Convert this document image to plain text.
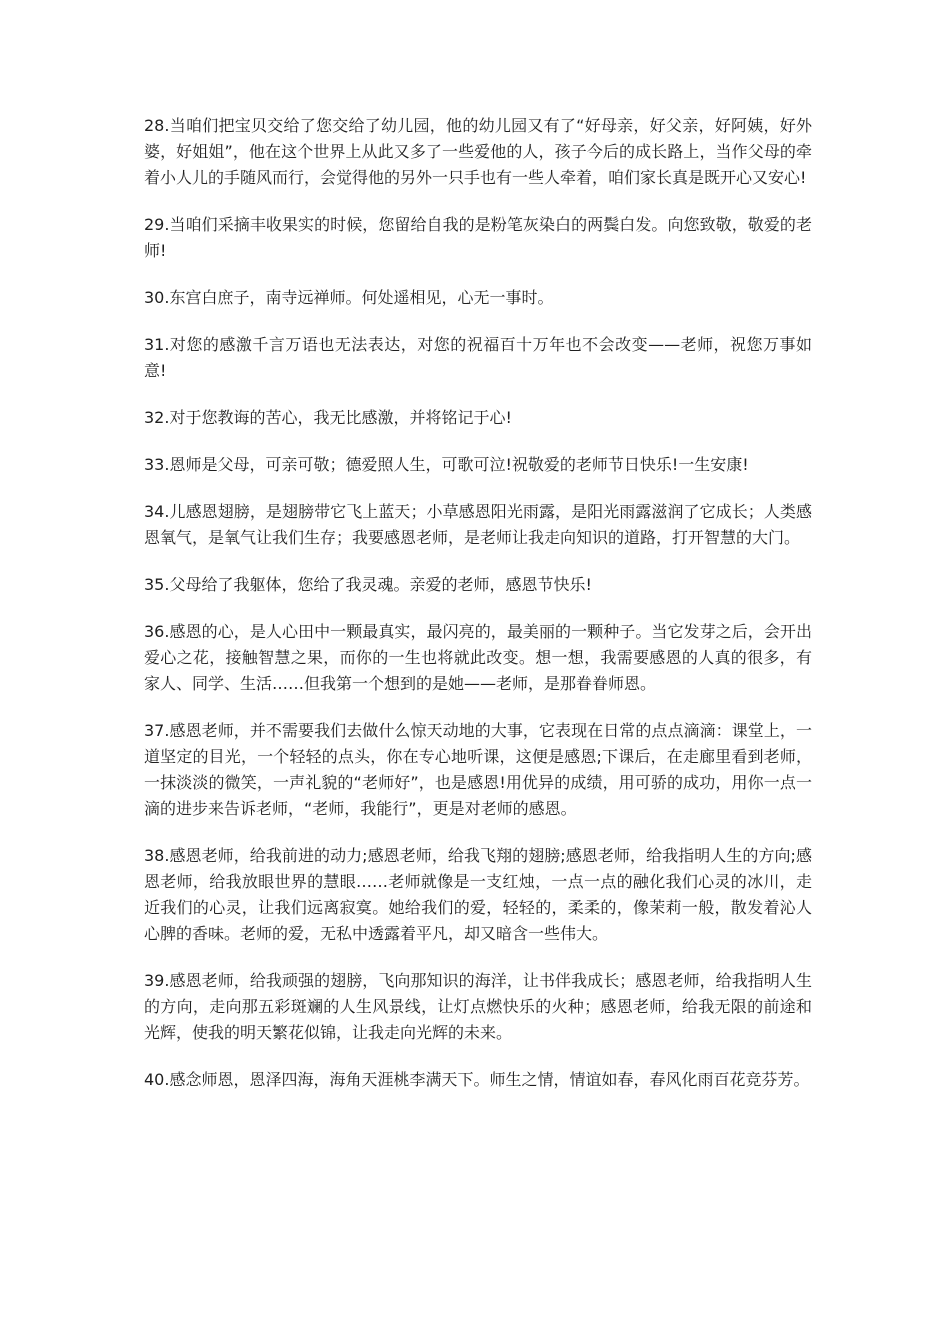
28.当咱们把宝贝交给了您交给了幼儿园，他的幼儿园又有了“好母亲，好父亲，好阿姨，好外婆，好姐姐”，他在这个世界上从此又多了一些爱他的人，孩子今后的成长路上，当作父母的牵着小人儿的手随风而行，会觉得他的另外一只手也有一些人牵着，咱们家长真是既开心又安心!

29.当咱们采摘丰收果实的时候，您留给自我的是粉笔灰染白的两鬓白发。向您致敬，敬爱的老师!

30.东宫白庶子，南寺远禅师。何处遥相见，心无一事时。

31.对您的感激千言万语也无法表达，对您的祝福百十万年也不会改变——老师，祝您万事如意!

32.对于您教诲的苦心，我无比感激，并将铭记于心!

33.恩师是父母，可亲可敬；德爱照人生，可歌可泣!祝敬爱的老师节日快乐!一生安康!

34.儿感恩翅膀，是翅膀带它飞上蓝天；小草感恩阳光雨露，是阳光雨露滋润了它成长；人类感恩氧气，是氧气让我们生存；我要感恩老师，是老师让我走向知识的道路，打开智慧的大门。

35.父母给了我躯体，您给了我灵魂。亲爱的老师，感恩节快乐!

36.感恩的心，是人心田中一颗最真实，最闪亮的，最美丽的一颗种子。当它发芽之后，会开出爱心之花，接触智慧之果，而你的一生也将就此改变。想一想，我需要感恩的人真的很多，有家人、同学、生活……但我第一个想到的是她——老师，是那眷眷师恩。

37.感恩老师，并不需要我们去做什么惊天动地的大事，它表现在日常的点点滴滴：课堂上，一道坚定的目光，一个轻轻的点头，你在专心地听课，这便是感恩;下课后，在走廊里看到老师，一抹淡淡的微笑，一声礼貌的“老师好”，也是感恩!用优异的成绩，用可骄的成功，用你一点一滴的进步来告诉老师，“老师，我能行”，更是对老师的感恩。

38.感恩老师，给我前进的动力;感恩老师，给我飞翔的翅膀;感恩老师，给我指明人生的方向;感恩老师，给我放眼世界的慧眼……老师就像是一支红烛，一点一点的融化我们心灵的冰川，走近我们的心灵，让我们远离寂寞。她给我们的爱，轻轻的，柔柔的，像茉莉一般，散发着沁人心脾的香味。老师的爱，无私中透露着平凡，却又暗含一些伟大。

39.感恩老师，给我顽强的翅膀，飞向那知识的海洋，让书伴我成长；感恩老师，给我指明人生的方向，走向那五彩斑斓的人生风景线，让灯点燃快乐的火种；感恩老师，给我无限的前途和光辉，使我的明天繁花似锦，让我走向光辉的未来。

40.感念师恩，恩泽四海，海角天涯桃李满天下。师生之情，情谊如春，春风化雨百花竞芬芳。
